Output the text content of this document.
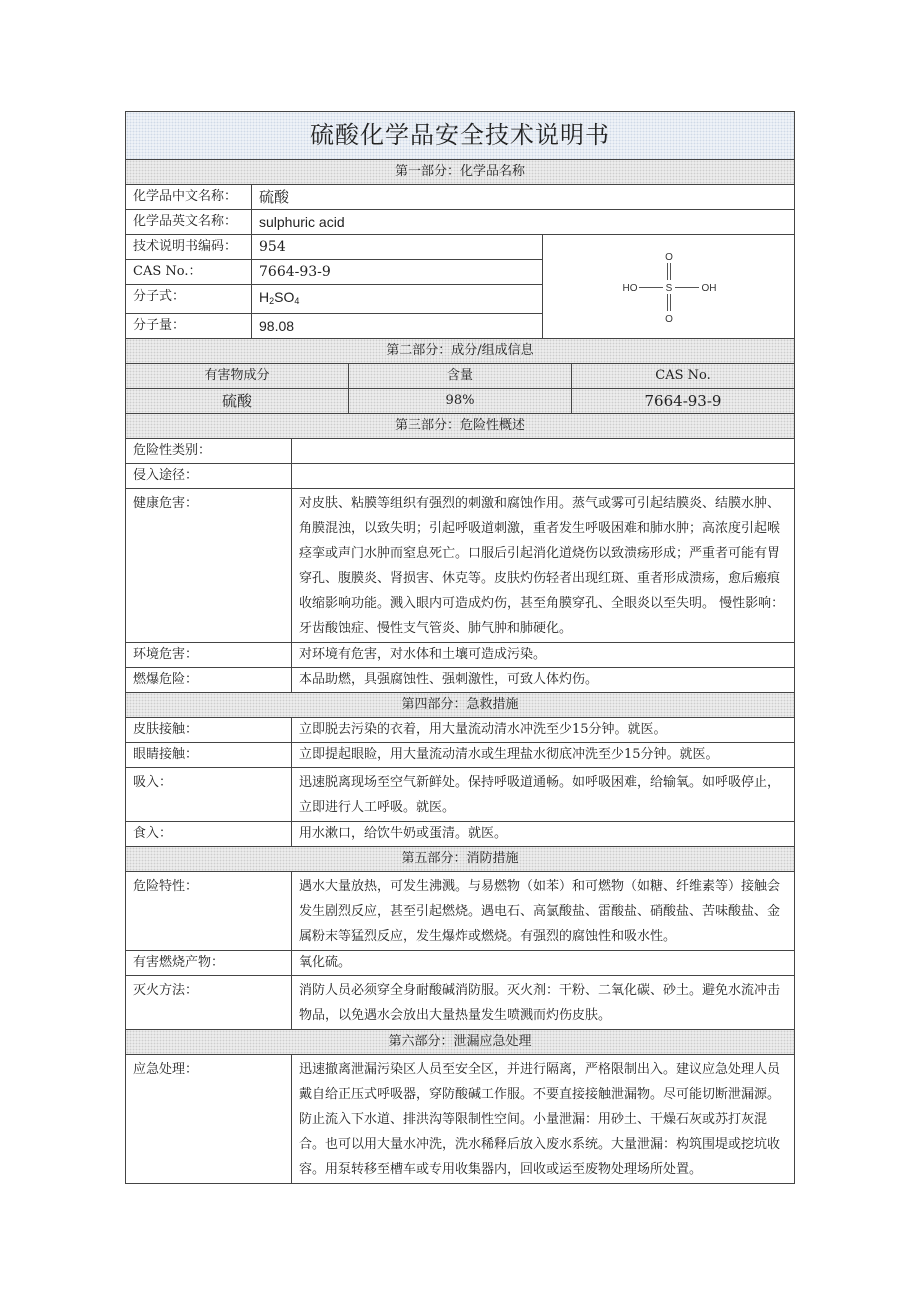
硫酸化学品安全技术说明书					
第一部分：化学品名称					
化学品中文名称：	硫酸				
化学品英文名称：	sulphuric acid				
技术说明书编码：	954			O
S
HO OH
O	

CAS No.：	7664-93-9				
分子式：	$H_2SO_4$
分子量：	98.08				
第二部分：成分/组成信息					
有害物成分			含量		CAS No.
硫酸			98%		7664-93-9
第三部分：危险性概述					
危险性类别：					
侵入途径：					
健康危害：		对皮肤、粘膜等组织有强烈的刺激和腐蚀作用。蒸气或雾可引起结膜炎、结膜水肿、角膜混浊，以致失明；引起呼吸道刺激，重者发生呼吸困难和肺水肿；高浓度引起喉痉挛或声门水肿而窒息死亡。口服后引起消化道烧伤以致溃疡形成；严重者可能有胃穿孔、腹膜炎、肾损害、休克等。皮肤灼伤轻者出现红斑、重者形成溃疡，愈后瘢痕收缩影响功能。溅入眼内可造成灼伤，甚至角膜穿孔、全眼炎以至失明。 慢性影响：牙齿酸蚀症、慢性支气管炎、肺气肿和肺硬化。			
环境危害：		对环境有危害，对水体和土壤可造成污染。			
燃爆危险：		本品助燃，具强腐蚀性、强刺激性，可致人体灼伤。			
第四部分：急救措施					
皮肤接触：		立即脱去污染的衣着，用大量流动清水冲洗至少15分钟。就医。			
眼睛接触：		立即提起眼睑，用大量流动清水或生理盐水彻底冲洗至少15分钟。就医。			
吸入：		迅速脱离现场至空气新鲜处。保持呼吸道通畅。如呼吸困难，给输氧。如呼吸停止，立即进行人工呼吸。就医。			
食入：		用水漱口，给饮牛奶或蛋清。就医。			
第五部分：消防措施					
危险特性：		遇水大量放热，可发生沸溅。与易燃物（如苯）和可燃物（如糖、纤维素等）接触会发生剧烈反应，甚至引起燃烧。遇电石、高氯酸盐、雷酸盐、硝酸盐、苦味酸盐、金属粉末等猛烈反应，发生爆炸或燃烧。有强烈的腐蚀性和吸水性。			
有害燃烧产物：		氧化硫。			
灭火方法：		消防人员必须穿全身耐酸碱消防服。灭火剂：干粉、二氧化碳、砂土。避免水流冲击物品，以免遇水会放出大量热量发生喷溅而灼伤皮肤。			
第六部分：泄漏应急处理					
应急处理：		迅速撤离泄漏污染区人员至安全区，并进行隔离，严格限制出入。建议应急处理人员戴自给正压式呼吸器，穿防酸碱工作服。不要直接接触泄漏物。尽可能切断泄漏源。防止流入下水道、排洪沟等限制性空间。小量泄漏：用砂土、干燥石灰或苏打灰混合。也可以用大量水冲洗，洗水稀释后放入废水系统。大量泄漏：构筑围堤或挖坑收容。用泵转移至槽车或专用收集器内，回收或运至废物处理场所处置。			
